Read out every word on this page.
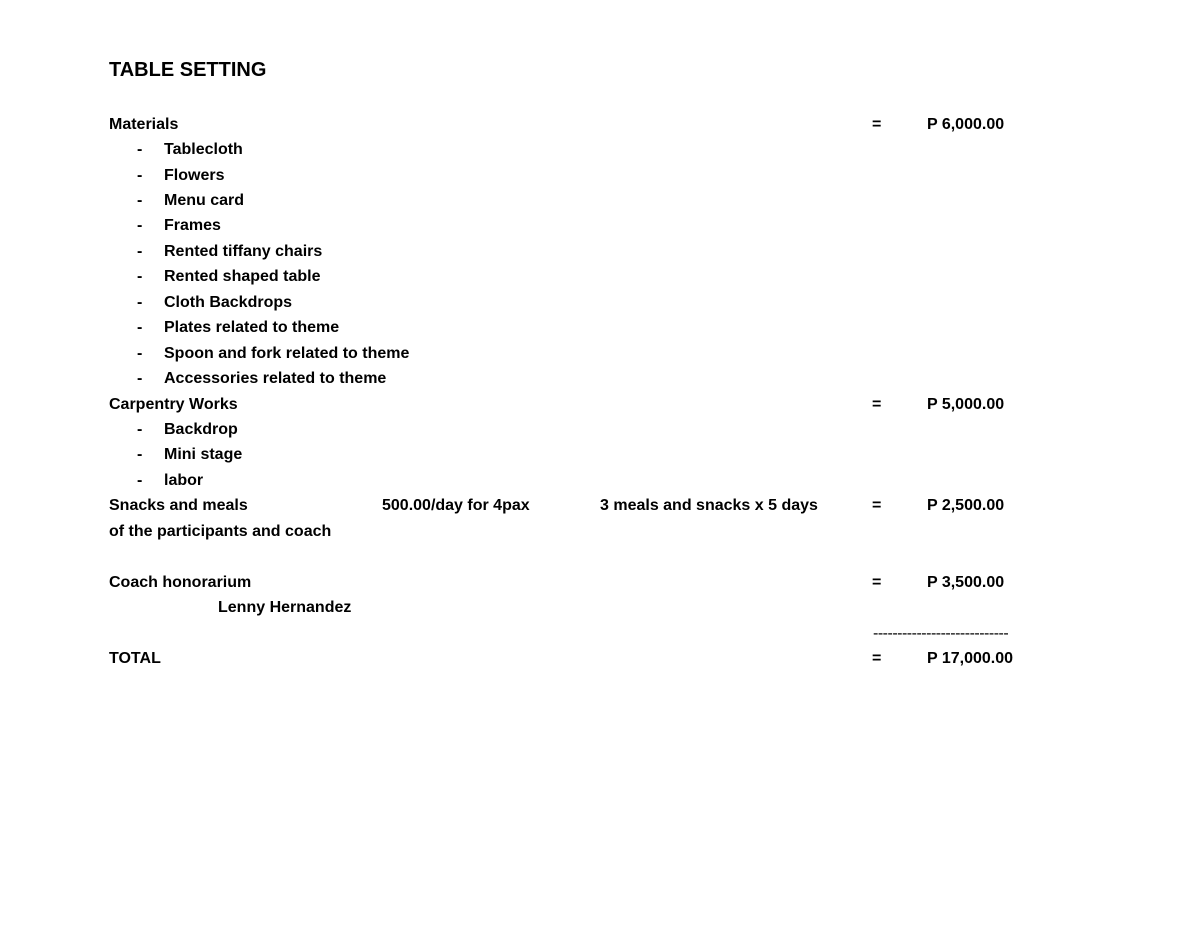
TABLE SETTING
Materials	=	P 6,000.00
- Tablecloth
- Flowers
- Menu card
- Frames
- Rented tiffany chairs
- Rented shaped table
- Cloth Backdrops
- Plates related to theme
- Spoon and fork related to theme
- Accessories related to theme
Carpentry Works	=	P 5,000.00
- Backdrop
- Mini stage
- labor
Snacks and meals	500.00/day for 4pax	3 meals and snacks x 5 days	=	P 2,500.00
of the participants and coach
Coach honorarium	=	P 3,500.00
Lenny Hernandez
----------------------------
TOTAL	=	P 17,000.00
